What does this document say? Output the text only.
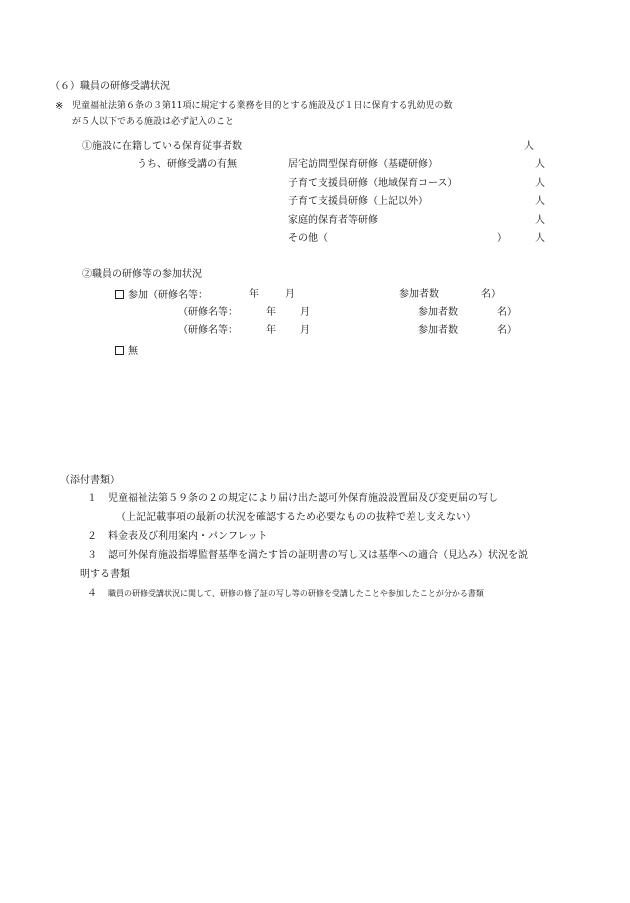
（６）職員の研修受講状況
※ 児童福祉法第６条の３第11項に規定する業務を目的とする施設及び１日に保育する乳幼児の数
が５人以下である施設は必ず記入のこと
①施設に在籍している保育従事者数	人
うち、研修受講の有無	居宅訪問型保育研修（基礎研修）	人
子育て支援員研修（地域保育コース）	人
子育て支援員研修（上記以外）	人
家庭的保育者等研修	人
その他（	）	人
②職員の研修等の参加状況
参加（研修名等：	年	月	参加者数	名）
（研修名等：	年 月	参加者数	名）
（研修名等：	年 月	参加者数	名）
無
（添付書類）
１ 児童福祉法第５９条の２の規定により届け出た認可外保育施設設置届及び変更届の写し
（上記記載事項の最新の状況を確認するため必要なものの抜粋で差し支えない）
２ 料金表及び利用案内・パンフレット
３ 認可外保育施設指導監督基準を満たす旨の証明書の写し又は基準への適合（見込み）状況を説
明する書類
４ 職員の研修受講状況に関して、研修の修了証の写し等の研修を受講したことや参加したことが分かる書類
